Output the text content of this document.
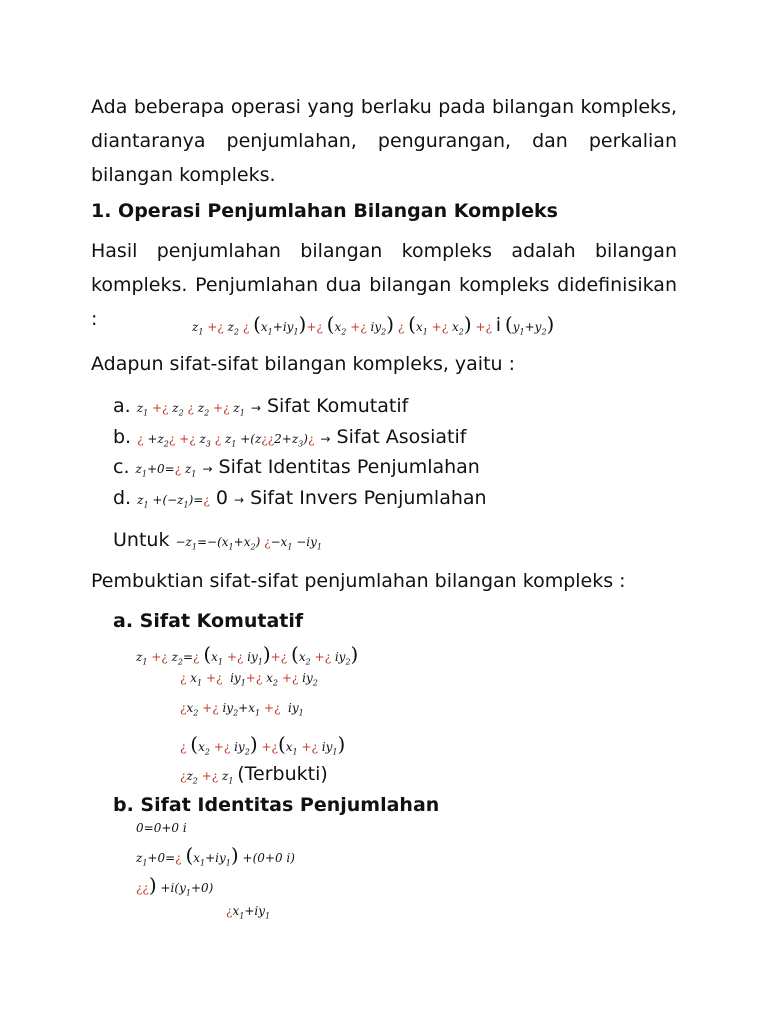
Ada beberapa operasi yang berlaku pada bilangan kompleks, diantaranya penjumlahan, pengurangan, dan perkalian bilangan kompleks.

1. Operasi Penjumlahan Bilangan Kompleks

Hasil penjumlahan bilangan kompleks adalah bilangan kompleks. Penjumlahan dua bilangan kompleks didefinisikan :	$z_1$ +¿ $z_2$ ¿ $(x_1+iy_1)+¿$ ($x_2$ +¿ $iy_2$) ¿ ($x_1$ +¿ $x_2$) +¿ i $(y_1+y_2)$

Adapun sifat-sifat bilangan kompleks, yaitu :

a. $z_1$ +¿ $z_2$ ¿ $z_2$ +¿ $z_1$ → Sifat Komutatif
b. ¿ $+z_2¿$ +¿ $z_3$ ¿ $z_1$ $+(z¿¿2+z_3)¿$ → Sifat Asosiatif
c. $z_1+0=¿$ $z_1$ → Sifat Identitas Penjumlahan
d. $z_1$ $+(-z_1)=¿$ 0 → Sifat Invers Penjumlahan
Untuk $-z_1=-(x_1+x_2)$ ¿$-x_1 -iy_1$

Pembuktian sifat-sifat penjumlahan bilangan kompleks :

a. Sifat Komutatif

$z_1$ +¿ $z_2=¿$ ($x_1$ +¿ $iy_1)+¿$ ($x_2$ +¿ $iy_2$)
¿ $x_1$ +¿  $iy_1+¿$ $x_2$ +¿ $iy_2$
¿$x_2$ +¿ $iy_2+x_1$ +¿  $iy_1$
¿ ($x_2$ +¿ $iy_2$) $+¿(x_1$ +¿ $iy_1$)
¿$z_2$ +¿ $z_1$ (Terbukti)

b. Sifat Identitas Penjumlahan

0=0+0 i
$z_1+0=¿$ $(x_1+iy_1) +(0+0$ i)
¿¿) $+i(y_1+0)$
¿$x_1+iy_1$
